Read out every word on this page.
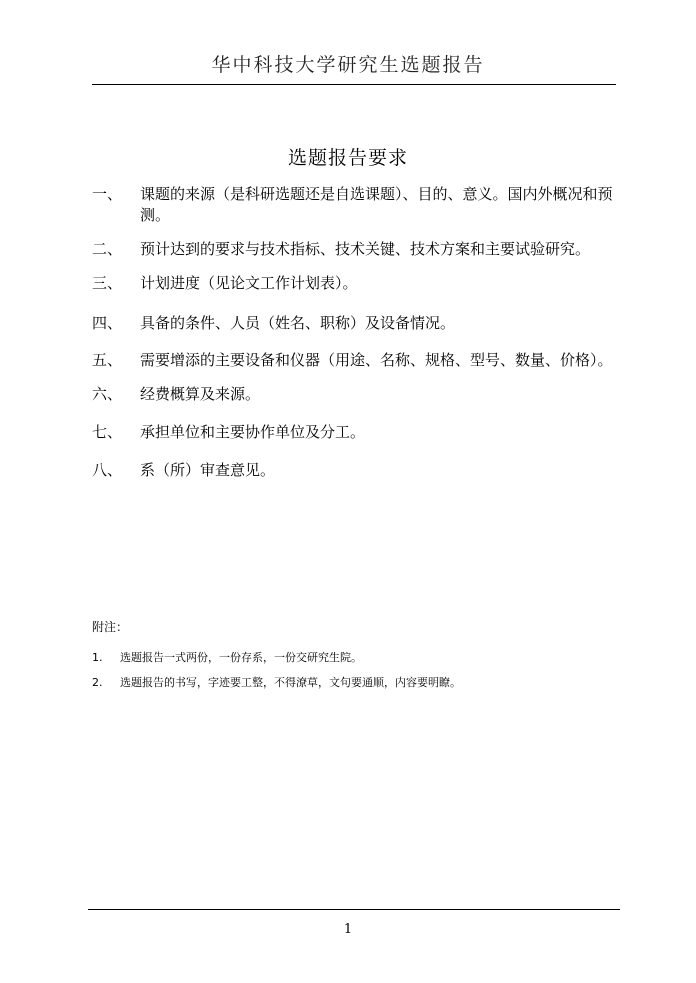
华中科技大学研究生选题报告
选题报告要求
一、	课题的来源（是科研选题还是自选课题）、目的、意义。国内外概况和预测。
二、	预计达到的要求与技术指标、技术关键、技术方案和主要试验研究。
三、	计划进度（见论文工作计划表）。
四、	具备的条件、人员（姓名、职称）及设备情况。
五、	需要增添的主要设备和仪器（用途、名称、规格、型号、数量、价格）。
六、	经费概算及来源。
七、	承担单位和主要协作单位及分工。
八、	系（所）审查意见。
附注：
1.	选题报告一式两份，一份存系，一份交研究生院。
2.	选题报告的书写，字迹要工整，不得潦草，文句要通顺，内容要明瞭。
1
